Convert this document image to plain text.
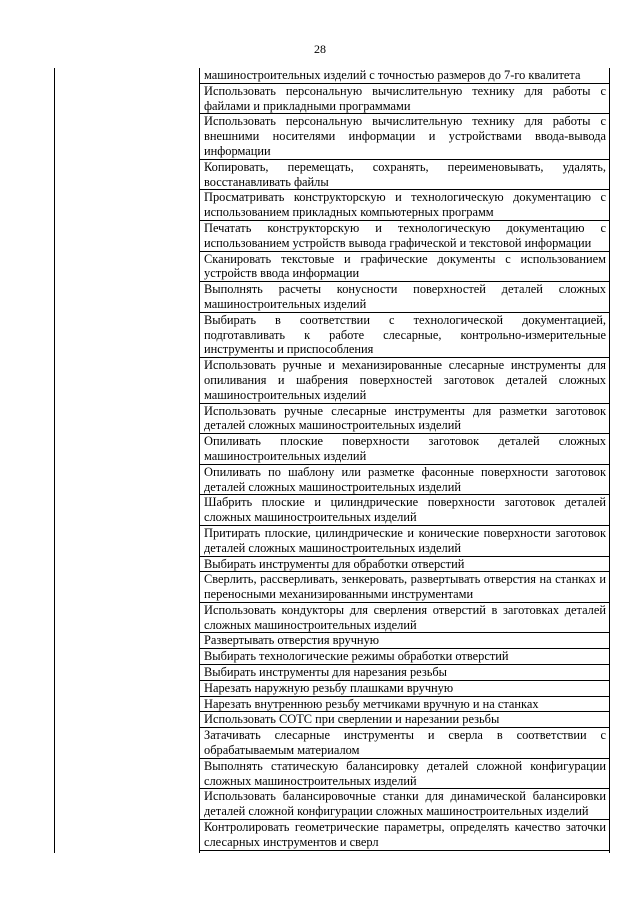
28
машиностроительных изделий с точностью размеров до 7-го квалитета
Использовать персональную вычислительную технику для работы с файлами и прикладными программами
Использовать персональную вычислительную технику для работы с внешними носителями информации и устройствами ввода-вывода информации
Копировать, перемещать, сохранять, переименовывать, удалять, восстанавливать файлы
Просматривать конструкторскую и технологическую документацию с использованием прикладных компьютерных программ
Печатать конструкторскую и технологическую документацию с использованием устройств вывода графической и текстовой информации
Сканировать текстовые и графические документы с использованием устройств ввода информации
Выполнять расчеты конусности поверхностей деталей сложных машиностроительных изделий
Выбирать в соответствии с технологической документацией, подготавливать к работе слесарные, контрольно-измерительные инструменты и приспособления
Использовать ручные и механизированные слесарные инструменты для опиливания и шабрения поверхностей заготовок деталей сложных машиностроительных изделий
Использовать ручные слесарные инструменты для разметки заготовок деталей сложных машиностроительных изделий
Опиливать плоские поверхности заготовок деталей сложных машиностроительных изделий
Опиливать по шаблону или разметке фасонные поверхности заготовок деталей сложных машиностроительных изделий
Шабрить плоские и цилиндрические поверхности заготовок деталей сложных машиностроительных изделий
Притирать плоские, цилиндрические и конические поверхности заготовок деталей сложных машиностроительных изделий
Выбирать инструменты для обработки отверстий
Сверлить, рассверливать, зенкеровать, развертывать отверстия на станках и переносными механизированными инструментами
Использовать кондукторы для сверления отверстий в заготовках деталей сложных машиностроительных изделий
Развертывать отверстия вручную
Выбирать технологические режимы обработки отверстий
Выбирать инструменты для нарезания резьбы
Нарезать наружную резьбу плашками вручную
Нарезать внутреннюю резьбу метчиками вручную и на станках
Использовать СОТС при сверлении и нарезании резьбы
Затачивать слесарные инструменты и сверла в соответствии с обрабатываемым материалом
Выполнять статическую балансировку деталей сложной конфигурации сложных машиностроительных изделий
Использовать балансировочные станки для динамической балансировки деталей сложной конфигурации сложных машиностроительных изделий
Контролировать геометрические параметры, определять качество заточки слесарных инструментов и сверл
